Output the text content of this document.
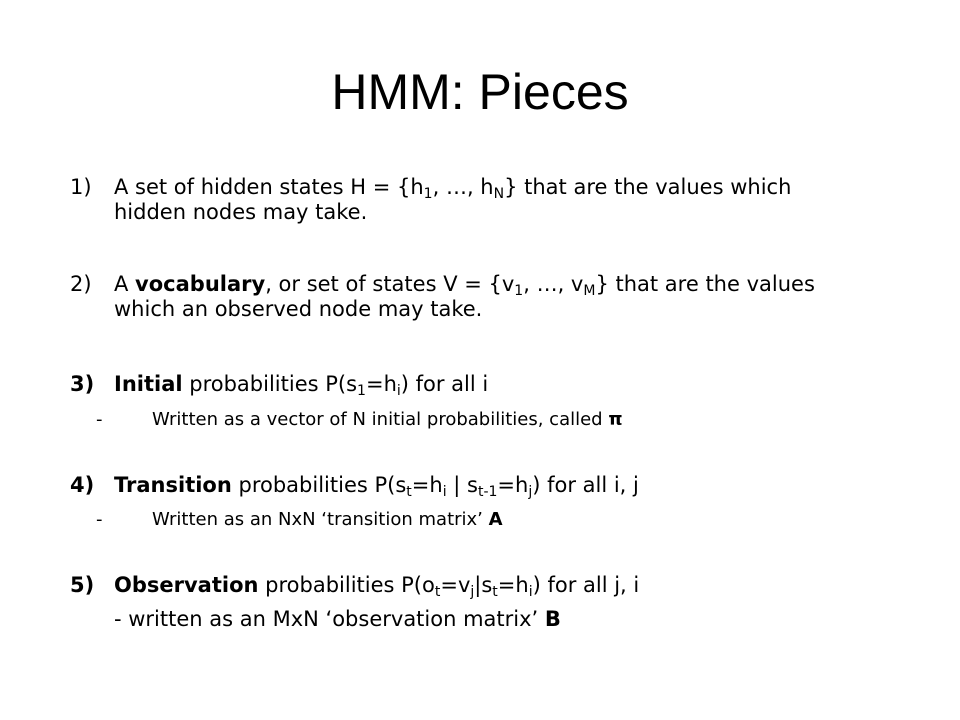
HMM: Pieces
1)	A set of hidden states $H = \{h_1$, …, $h_N$} that are the values which
hidden nodes may take.
2)	A vocabulary, or set of states $V = \{v_1$, …, $v_M$} that are the values
which an observed node may take.
3) Initial probabilities $P(s_1=h_i)$ for all i
-	Written as a vector of N initial probabilities, called π
4) Transition probabilities $P(s_t=h_i$ | $s_{t-1}=h_j$) for all i, j
-	Written as an NxN ‘transition matrix’ A
5) Observation probabilities $P(o_t=v_j|s_t=h_i)$ for all j, i
- written as an MxN ‘observation matrix’ B
